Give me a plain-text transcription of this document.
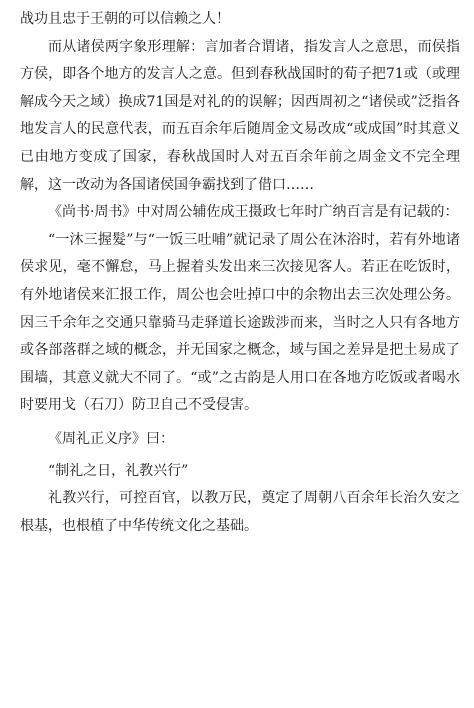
战功且忠于王朝的可以信赖之人！

而从诸侯两字象形理解：言加者合谓诸，指发言人之意思，而侯指方侯，即各个地方的发言人之意。但到春秋战国时的荀子把71或（或理解成今天之域）换成71国是对礼的的误解；因西周初之“诸侯或”泛指各地发言人的民意代表，而五百余年后随周金文易改成“或成国”时其意义已由地方变成了国家，春秋战国时人对五百余年前之周金文不完全理解，这一改动为各国诸侯国争霸找到了借口……

《尚书·周书》中对周公辅佐成王摄政七年时广纳百言是有记载的：

“一沐三握髮”与“一饭三吐哺”就记录了周公在沐浴时，若有外地诸侯求见，毫不懈怠，马上握着头发出来三次接见客人。若正在吃饭时，有外地诸侯来汇报工作，周公也会吐掉口中的余物出去三次处理公务。因三千余年之交通只靠骑马走驿道长途跋涉而来，当时之人只有各地方或各部落群之域的概念，并无国家之概念，域与国之差异是把土易成了围墙，其意义就大不同了。“或”之古韵是人用口在各地方吃饭或者喝水时要用戈（石刀）防卫自己不受侵害。

《周礼正义序》曰：

“制礼之日，礼教兴行”

礼教兴行，可控百官，以教万民，奠定了周朝八百余年长治久安之根基，也根植了中华传统文化之基础。
